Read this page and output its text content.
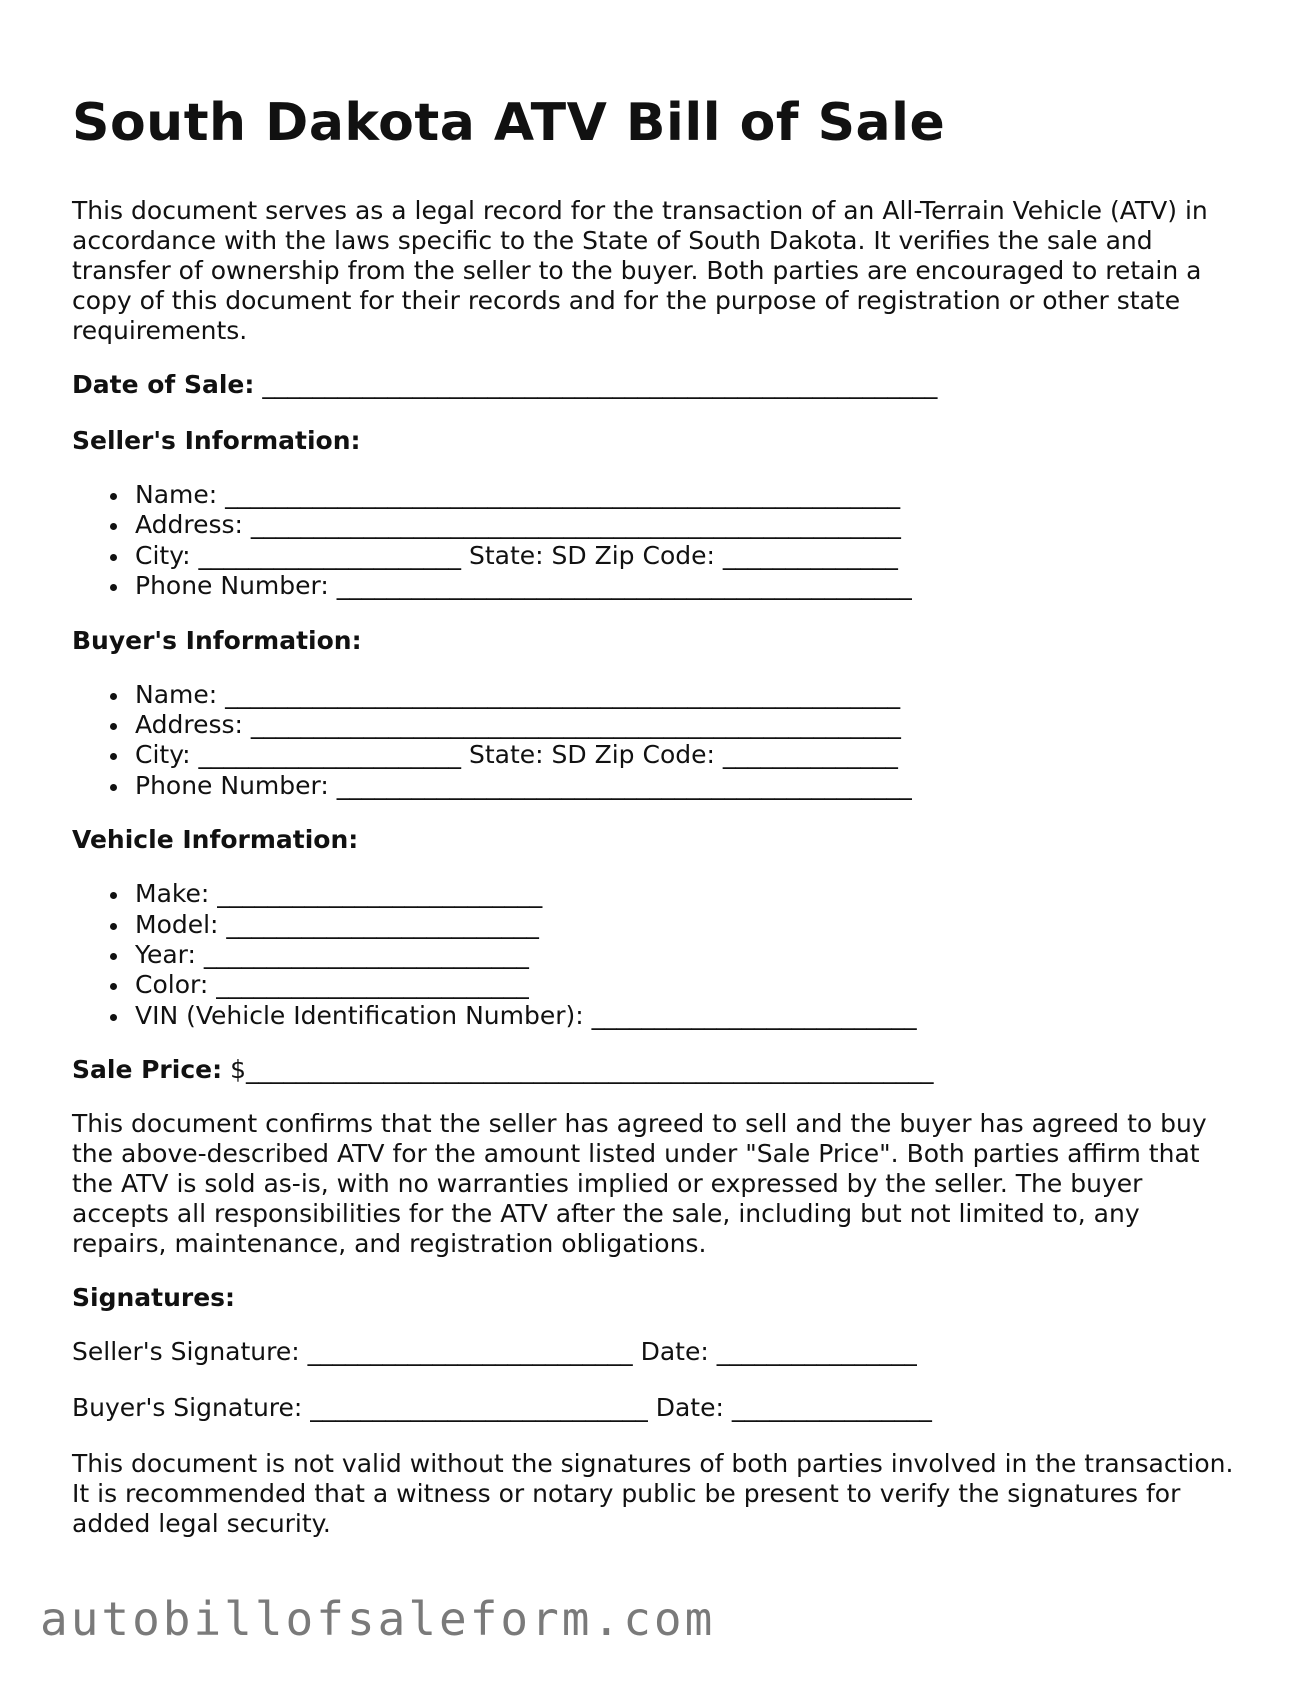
South Dakota ATV Bill of Sale

This document serves as a legal record for the transaction of an All-Terrain Vehicle (ATV) in accordance with the laws specific to the State of South Dakota. It verifies the sale and transfer of ownership from the seller to the buyer. Both parties are encouraged to retain a copy of this document for their records and for the purpose of registration or other state requirements.

Date of Sale: ______________________________________________________

Seller's Information:

Name: ______________________________________________________
Address: ____________________________________________________
City: _____________________ State: SD Zip Code: ______________
Phone Number: ______________________________________________

Buyer's Information:

Name: ______________________________________________________
Address: ____________________________________________________
City: _____________________ State: SD Zip Code: ______________
Phone Number: ______________________________________________

Vehicle Information:

Make: __________________________
Model: _________________________
Year: __________________________
Color: _________________________
VIN (Vehicle Identification Number): __________________________

Sale Price: $_______________________________________________________

This document confirms that the seller has agreed to sell and the buyer has agreed to buy the above-described ATV for the amount listed under "Sale Price". Both parties affirm that the ATV is sold as-is, with no warranties implied or expressed by the seller. The buyer accepts all responsibilities for the ATV after the sale, including but not limited to, any repairs, maintenance, and registration obligations.

Signatures:

Seller's Signature: __________________________ Date: ________________

Buyer's Signature: ___________________________ Date: ________________

This document is not valid without the signatures of both parties involved in the transaction. It is recommended that a witness or notary public be present to verify the signatures for added legal security.

autobillofsaleform.com
